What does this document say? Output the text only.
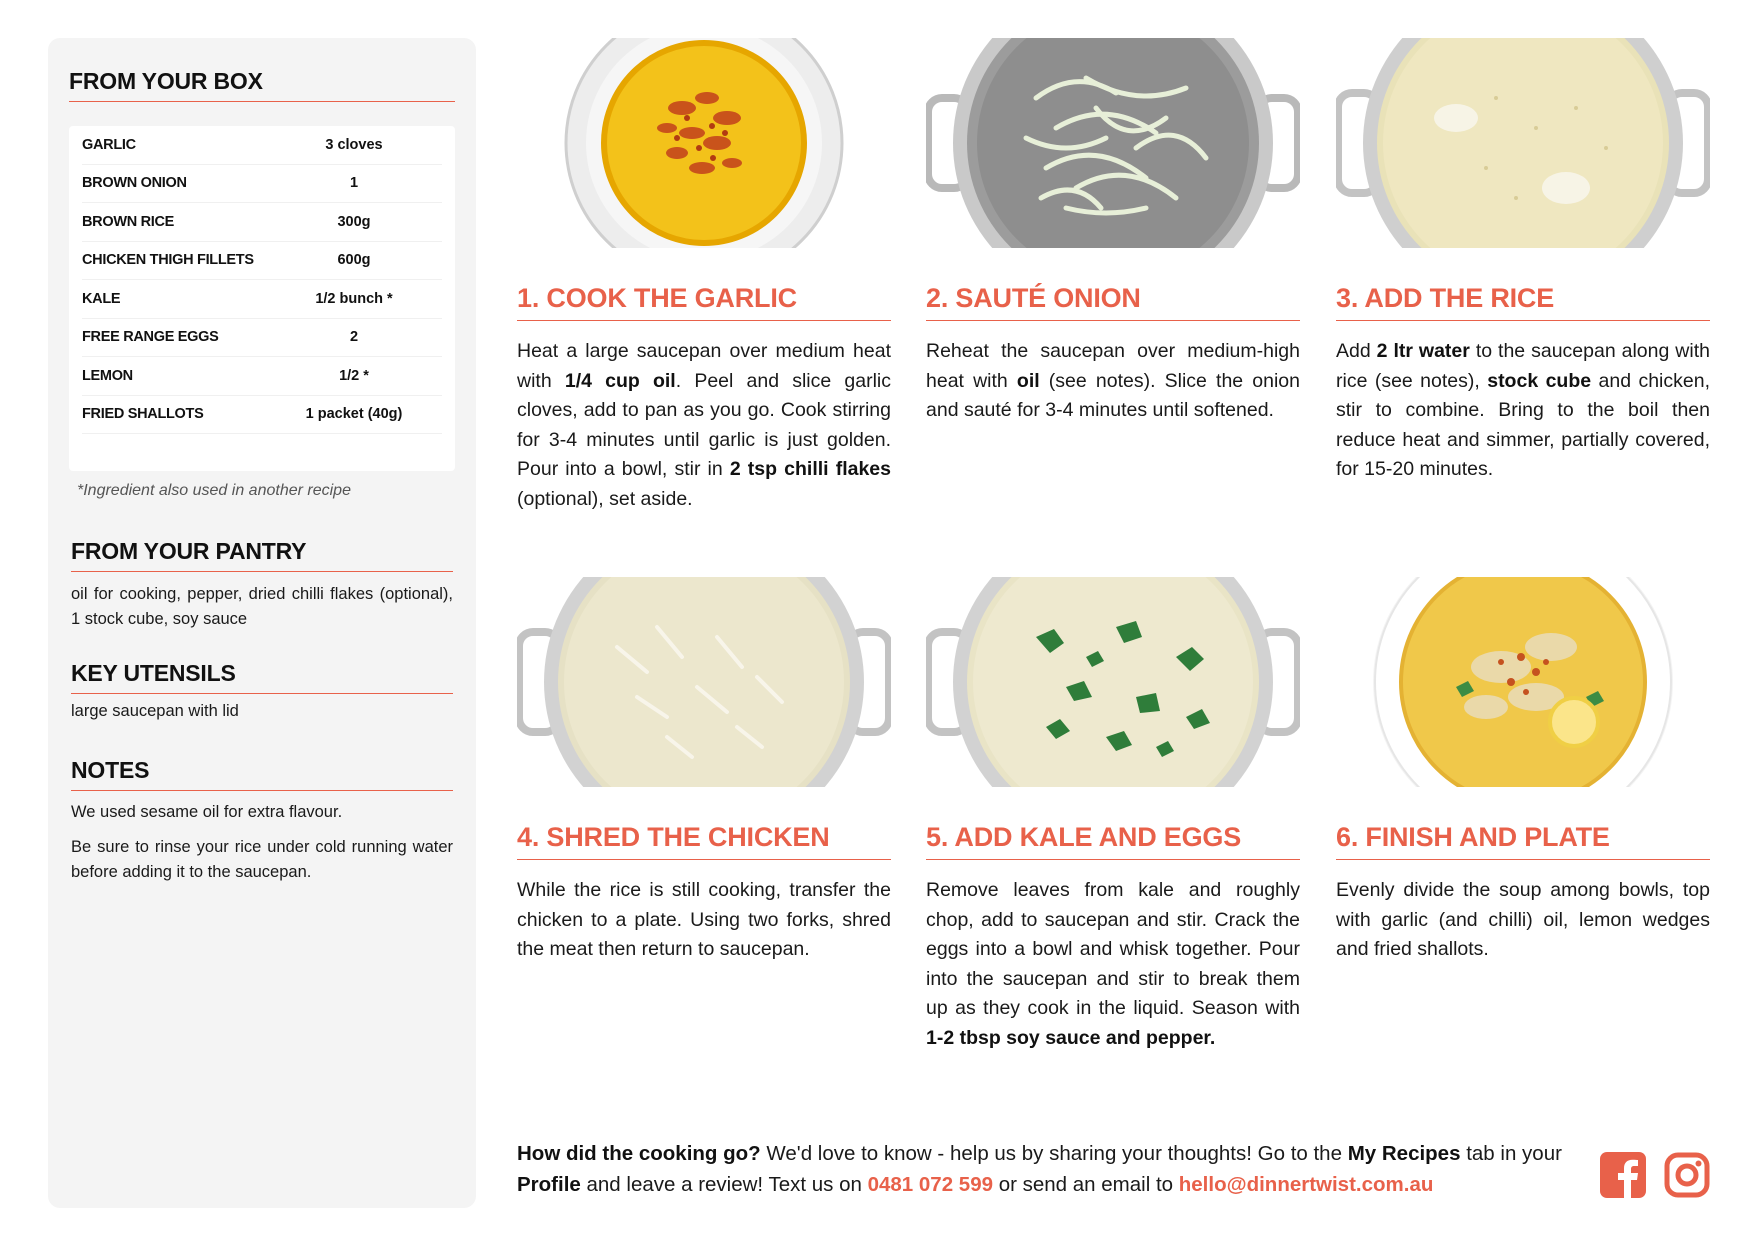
FROM YOUR BOX
GARLIC	3 cloves
BROWN ONION	1
BROWN RICE	300g
CHICKEN THIGH FILLETS	600g
KALE	1/2 bunch *
FREE RANGE EGGS	2
LEMON	1/2 *
FRIED SHALLOTS	1 packet (40g)
*Ingredient also used in another recipe
FROM YOUR PANTRY
oil for cooking, pepper, dried chilli flakes (optional), 1 stock cube, soy sauce
KEY UTENSILS
large saucepan with lid
NOTES

We used sesame oil for extra flavour.

Be sure to rinse your rice under cold running water before adding it to the saucepan.

1. COOK THE GARLIC
Heat a large saucepan over medium heat with 1/4 cup oil. Peel and slice garlic cloves, add to pan as you go. Cook stirring for 3-4 minutes until garlic is just golden. Pour into a bowl, stir in 2 tsp chilli flakes (optional), set aside.
2. SAUTÉ ONION
Reheat the saucepan over medium-high heat with oil (see notes). Slice the onion and sauté for 3-4 minutes until softened.
3. ADD THE RICE
Add 2 ltr water to the saucepan along with rice (see notes), stock cube and chicken, stir to combine. Bring to the boil then reduce heat and simmer, partially covered, for 15-20 minutes.
4. SHRED THE CHICKEN
While the rice is still cooking, transfer the chicken to a plate. Using two forks, shred the meat then return to saucepan.
5. ADD KALE AND EGGS
Remove leaves from kale and roughly chop, add to saucepan and stir. Crack the eggs into a bowl and whisk together. Pour into the saucepan and stir to break them up as they cook in the liquid. Season with 1-2 tbsp soy sauce and pepper.
6. FINISH AND PLATE
Evenly divide the soup among bowls, top with garlic (and chilli) oil, lemon wedges and fried shallots.
How did the cooking go? We'd love to know - help us by sharing your thoughts! Go to the My Recipes tab in your Profile and leave a review! Text us on 0481 072 599 or send an email to hello@dinnertwist.com.au
